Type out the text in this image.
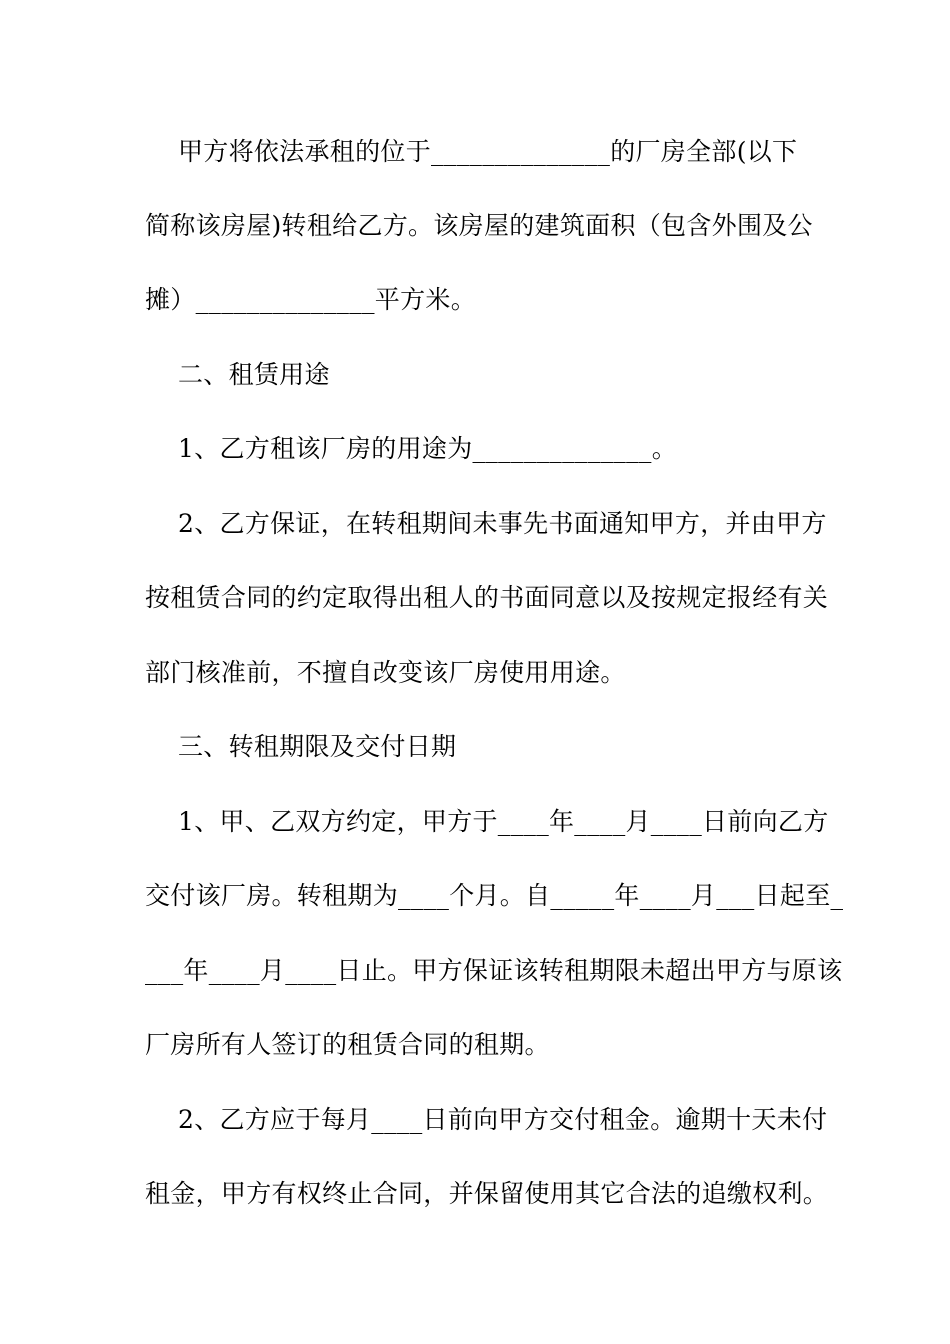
甲方将依法承租的位于______________的厂房全部(以下
简称该房屋)转租给乙方。该房屋的建筑面积（包含外围及公
摊）______________平方米。
二、租赁用途
1、乙方租该厂房的用途为______________。
2、乙方保证，在转租期间未事先书面通知甲方，并由甲方
按租赁合同的约定取得出租人的书面同意以及按规定报经有关
部门核准前，不擅自改变该厂房使用用途。
三、转租期限及交付日期
1、甲、乙双方约定，甲方于____年____月____日前向乙方
交付该厂房。转租期为____个月。自_____年____月___日起至_
___年____月____日止。甲方保证该转租期限未超出甲方与原该
厂房所有人签订的租赁合同的租期。
2、乙方应于每月____日前向甲方交付租金。逾期十天未付
租金，甲方有权终止合同，并保留使用其它合法的追缴权利。
